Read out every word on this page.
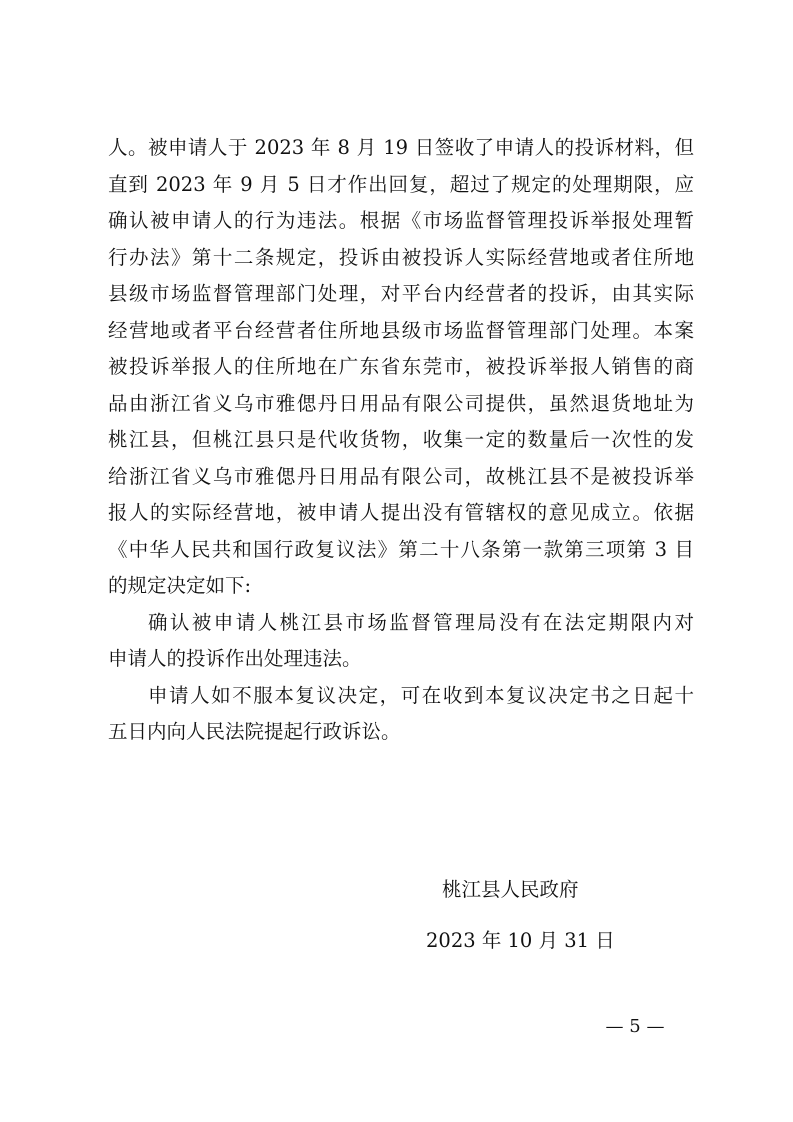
人。被申请人于 2023 年 8 月 19 日签收了申请人的投诉材料，但
直到 2023 年 9 月 5 日才作出回复，超过了规定的处理期限，应
确认被申请人的行为违法。根据《市场监督管理投诉举报处理暂
行办法》第十二条规定，投诉由被投诉人实际经营地或者住所地
县级市场监督管理部门处理，对平台内经营者的投诉，由其实际
经营地或者平台经营者住所地县级市场监督管理部门处理。本案
被投诉举报人的住所地在广东省东莞市，被投诉举报人销售的商
品由浙江省义乌市雅偲丹日用品有限公司提供，虽然退货地址为
桃江县，但桃江县只是代收货物，收集一定的数量后一次性的发
给浙江省义乌市雅偲丹日用品有限公司，故桃江县不是被投诉举
报人的实际经营地，被申请人提出没有管辖权的意见成立。依据
《中华人民共和国行政复议法》第二十八条第一款第三项第 3 目
的规定决定如下:
确认被申请人桃江县市场监督管理局没有在法定期限内对
申请人的投诉作出处理违法。
申请人如不服本复议决定，可在收到本复议决定书之日起十
五日内向人民法院提起行政诉讼。
桃江县人民政府
2023 年 10 月 31 日
— 5 —
